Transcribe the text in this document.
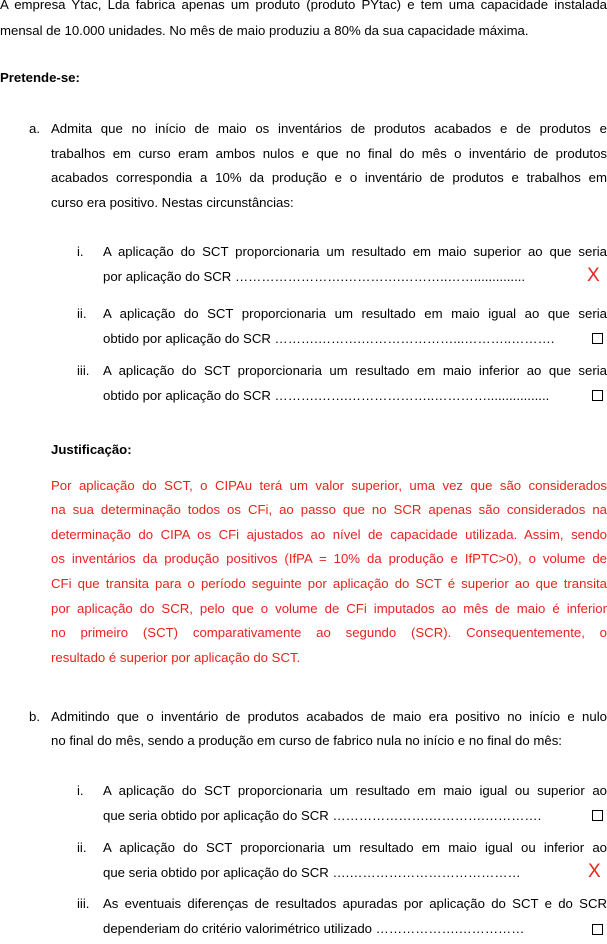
A empresa Ytac, Lda fabrica apenas um produto (produto PYtac) e tem uma capacidade instalada
mensal de 10.000 unidades. No mês de maio produziu a 80% da sua capacidade máxima.
Pretende-se:
a. Admita que no início de maio os inventários de produtos acabados e de produtos e
trabalhos em curso eram ambos nulos e que no final do mês o inventário de produtos
acabados correspondia a 10% da produção e o inventário de produtos e trabalhos em
curso era positivo. Nestas circunstâncias:
i. A aplicação do SCT proporcionaria um resultado em maio superior ao que seria
por aplicação do SCR …………………….………….………..……..............	X
ii. A aplicação do SCT proporcionaria um resultado em maio igual ao que seria
obtido por aplicação do SCR ……….……….…………………...………..……….
iii. A aplicação do SCT proporcionaria um resultado em maio inferior ao que seria
obtido por aplicação do SCR ……….…….………………..………….................
Justificação:
Por aplicação do SCT, o CIPAu terá um valor superior, uma vez que são considerados
na sua determinação todos os CFi, ao passo que no SCR apenas são considerados na
determinação do CIPA os CFi ajustados ao nível de capacidade utilizada. Assim, sendo
os inventários da produção positivos (IfPA = 10% da produção e IfPTC>0), o volume de
CFi que transita para o período seguinte por aplicação do SCT é superior ao que transita
por aplicação do SCR, pelo que o volume de CFi imputados ao mês de maio é inferior
no primeiro (SCT) comparativamente ao segundo (SCR). Consequentemente, o
resultado é superior por aplicação do SCT.
b. Admitindo que o inventário de produtos acabados de maio era positivo no início e nulo
no final do mês, sendo a produção em curso de fabrico nula no início e no final do mês:
i. A aplicação do SCT proporcionaria um resultado em maio igual ou superior ao
que seria obtido por aplicação do SCR ………………….………….………….
ii. A aplicação do SCT proporcionaria um resultado em maio igual ou inferior ao
que seria obtido por aplicação do SCR ….…………………………………	X
iii. As eventuais diferenças de resultados apuradas por aplicação do SCT e do SCR
dependeriam do critério valorimétrico utilizado ……………….……………
